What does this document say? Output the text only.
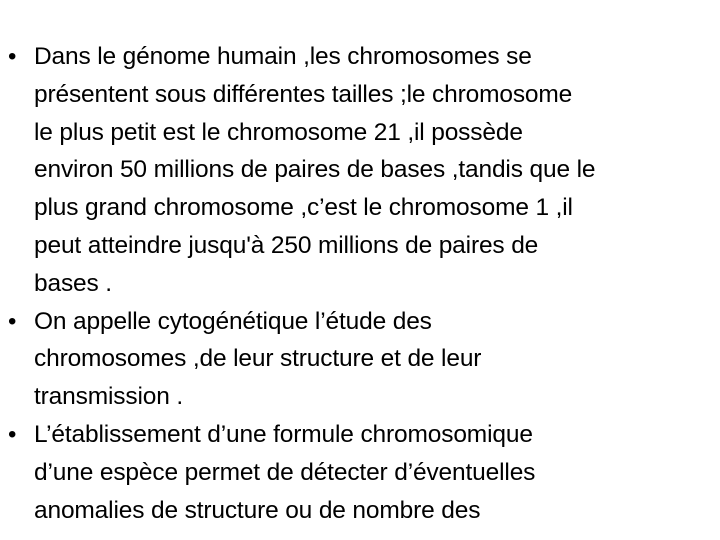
• Dans le génome humain ,les chromosomes se
présentent sous différentes tailles ;le chromosome
le plus petit est le chromosome 21 ,il possède
environ 50 millions de paires de bases ,tandis que le
plus grand chromosome ,c’est le chromosome 1 ,il
peut atteindre jusqu'à 250 millions de paires de
bases .
• On appelle cytogénétique l’étude des
chromosomes ,de leur structure et de leur
transmission .
• L’établissement d’une formule chromosomique
d’une espèce permet de détecter d’éventuelles
anomalies de structure ou de nombre des
